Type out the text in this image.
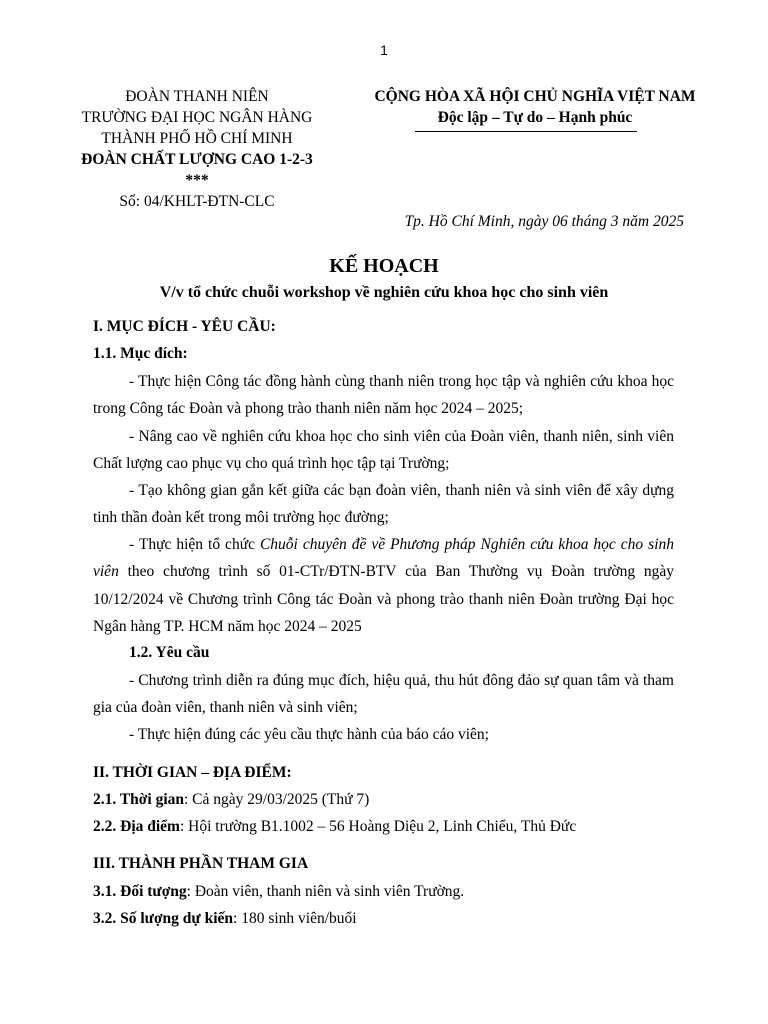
1
ĐOÀN THANH NIÊN
TRƯỜNG ĐẠI HỌC NGÂN HÀNG
THÀNH PHỐ HỒ CHÍ MINH
ĐOÀN CHẤT LƯỢNG CAO 1-2-3
***
Số: 04/KHLT-ĐTN-CLC
CỘNG HÒA XÃ HỘI CHỦ NGHĨA VIỆT NAM
Độc lập – Tự do – Hạnh phúc
Tp. Hồ Chí Minh, ngày 06 tháng 3 năm 2025
KẾ HOẠCH
V/v tổ chức chuỗi workshop về nghiên cứu khoa học cho sinh viên
I. MỤC ĐÍCH - YÊU CẦU:
1.1. Mục đích:
- Thực hiện Công tác đồng hành cùng thanh niên trong học tập và nghiên cứu khoa học trong Công tác Đoàn và phong trào thanh niên năm học 2024 – 2025;
- Nâng cao về nghiên cứu khoa học cho sinh viên của Đoàn viên, thanh niên, sinh viên Chất lượng cao phục vụ cho quá trình học tập tại Trường;
- Tạo không gian gắn kết giữa các bạn đoàn viên, thanh niên và sinh viên để xây dựng tinh thần đoàn kết trong môi trường học đường;
- Thực hiện tổ chức Chuỗi chuyên đề về Phương pháp Nghiên cứu khoa học cho sinh viên theo chương trình số 01-CTr/ĐTN-BTV của Ban Thường vụ Đoàn trường ngày 10/12/2024 về Chương trình Công tác Đoàn và phong trào thanh niên Đoàn trường Đại học Ngân hàng TP. HCM năm học 2024 – 2025
1.2. Yêu cầu
- Chương trình diễn ra đúng mục đích, hiệu quả, thu hút đông đảo sự quan tâm và tham gia của đoàn viên, thanh niên và sinh viên;
- Thực hiện đúng các yêu cầu thực hành của báo cáo viên;
II. THỜI GIAN – ĐỊA ĐIỂM:
2.1. Thời gian: Cả ngày 29/03/2025 (Thứ 7)
2.2. Địa điểm: Hội trường B1.1002 – 56 Hoàng Diệu 2, Linh Chiểu, Thủ Đức
III. THÀNH PHẦN THAM GIA
3.1. Đối tượng: Đoàn viên, thanh niên và sinh viên Trường.
3.2. Số lượng dự kiến: 180 sinh viên/buổi
